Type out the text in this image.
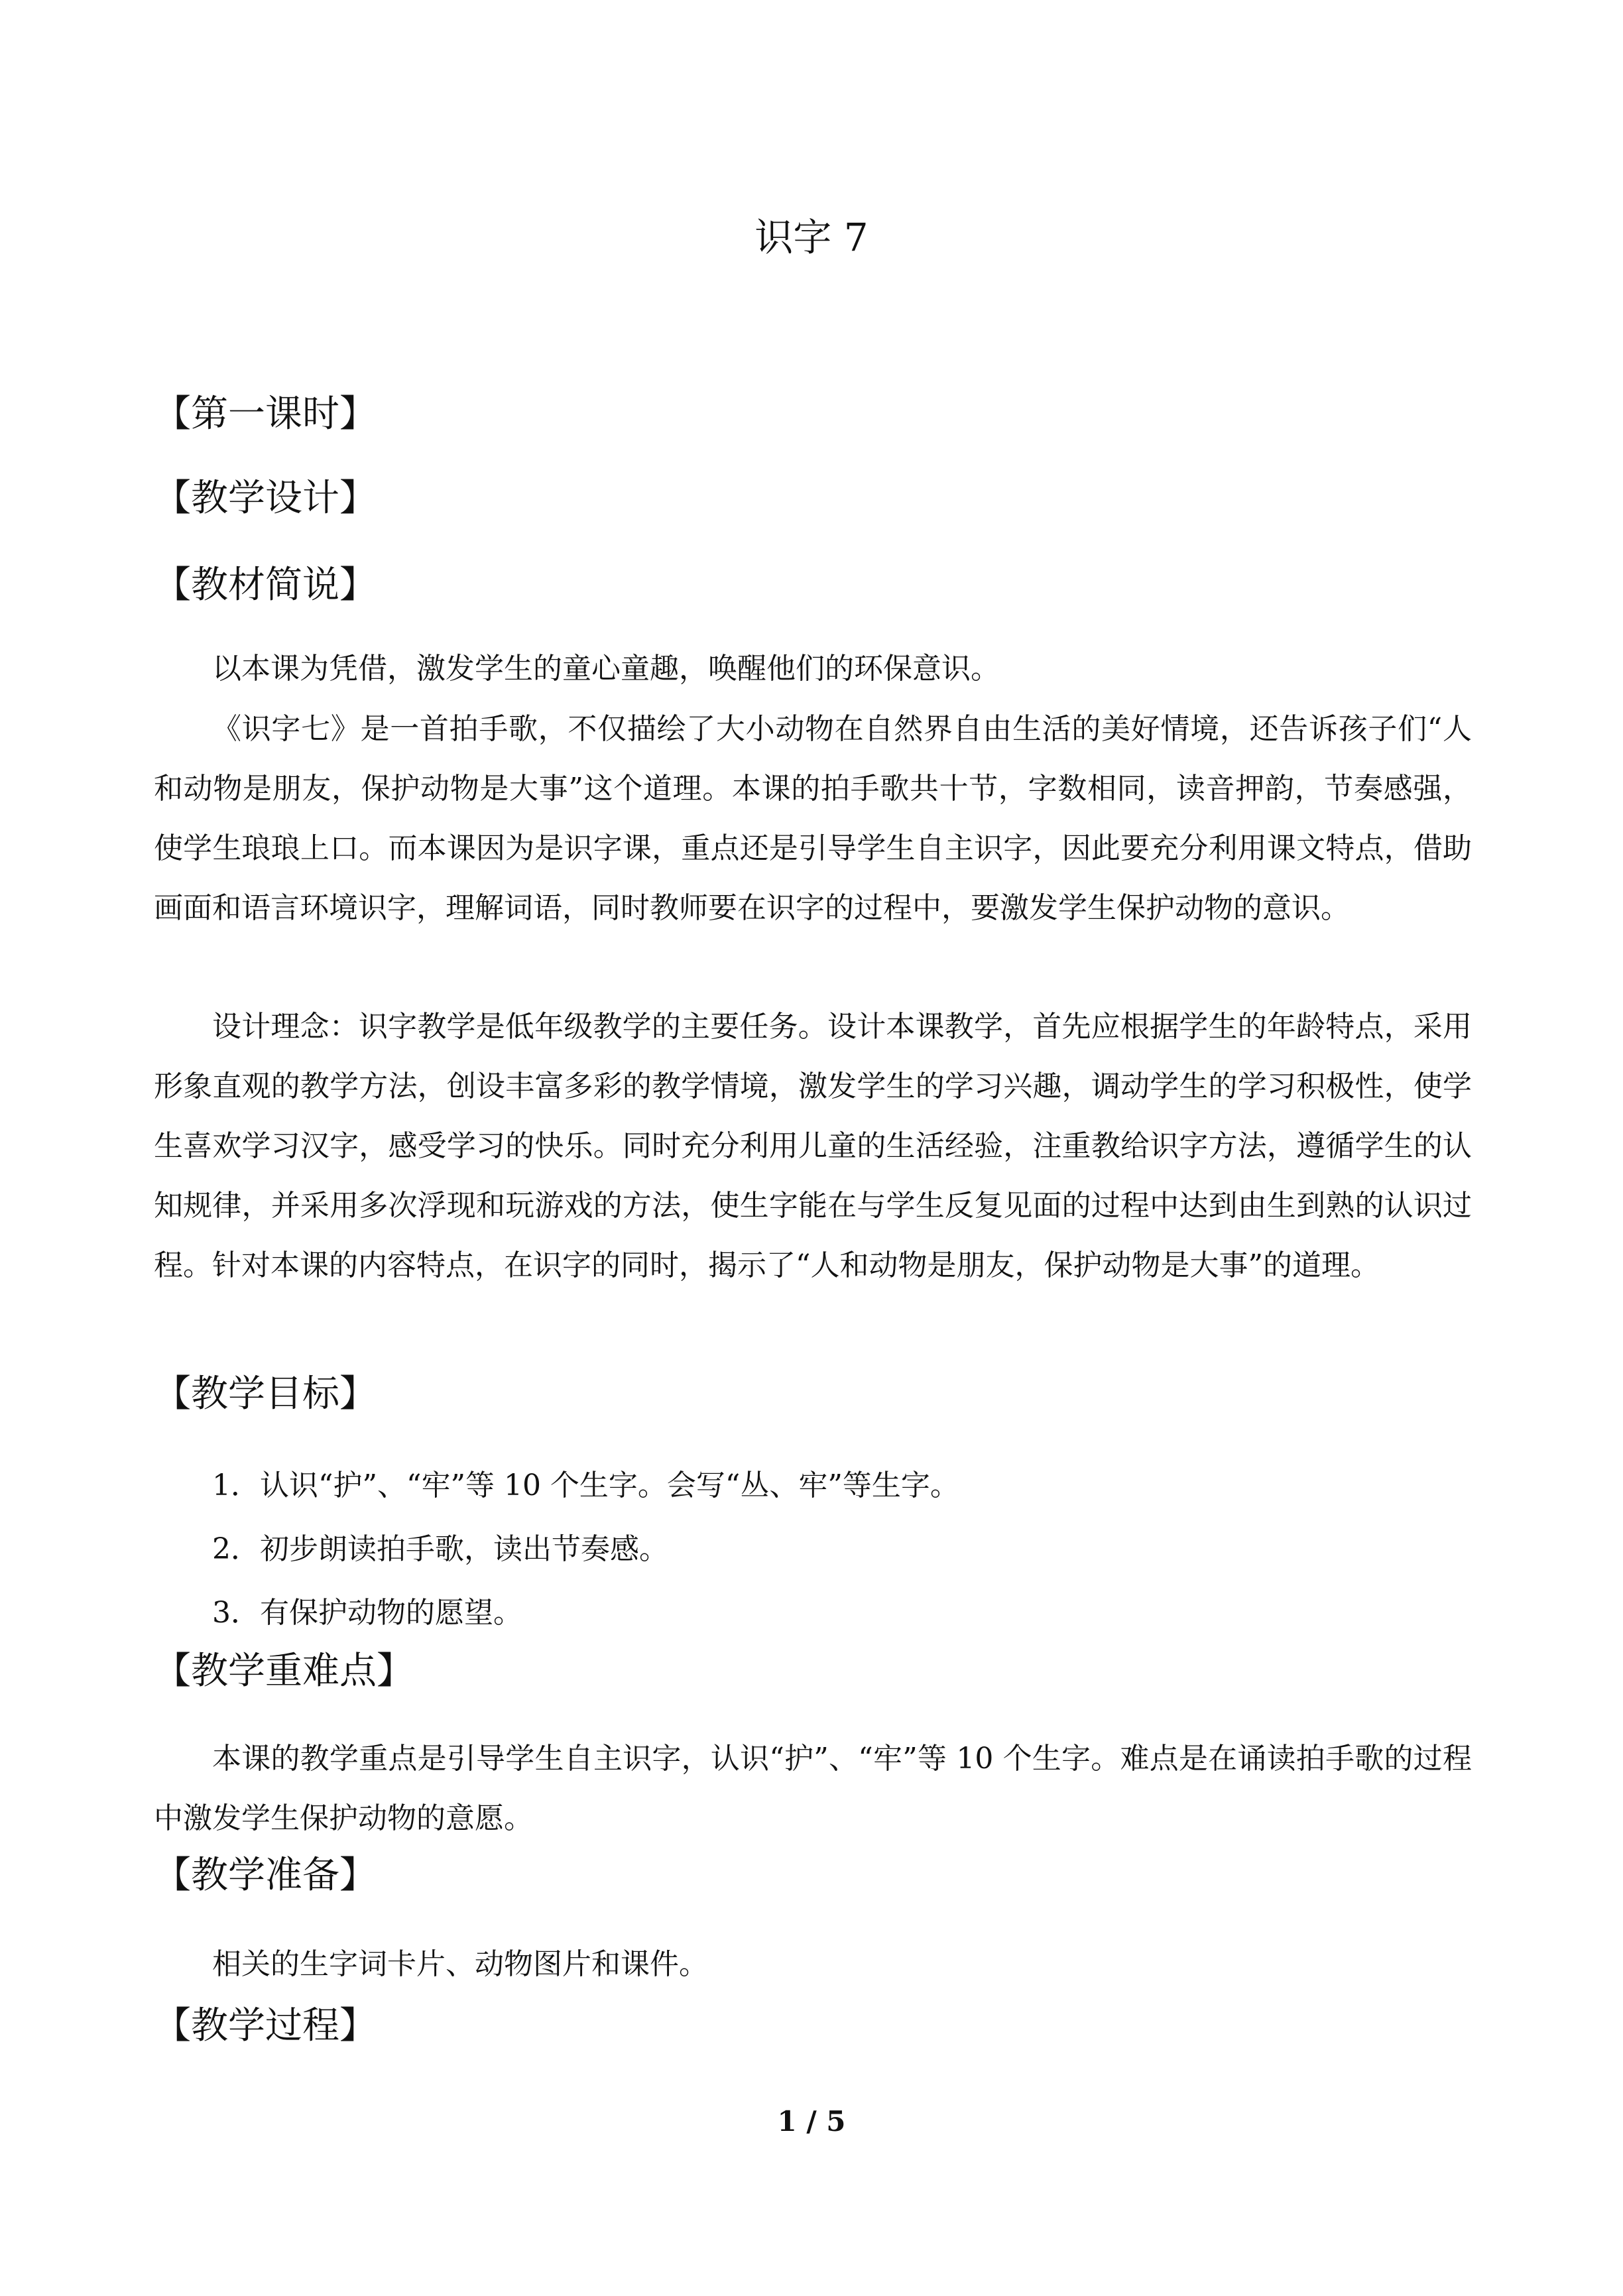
识字 7
【第一课时】
【教学设计】
【教材简说】

以本课为凭借，激发学生的童心童趣，唤醒他们的环保意识。

《识字七》是一首拍手歌，不仅描绘了大小动物在自然界自由生活的美好情境，还告诉孩子们“人和动物是朋友，保护动物是大事”这个道理。本课的拍手歌共十节，字数相同，读音押韵，节奏感强，使学生琅琅上口。而本课因为是识字课，重点还是引导学生自主识字，因此要充分利用课文特点，借助画面和语言环境识字，理解词语，同时教师要在识字的过程中，要激发学生保护动物的意识。

设计理念：识字教学是低年级教学的主要任务。设计本课教学，首先应根据学生的年龄特点，采用形象直观的教学方法，创设丰富多彩的教学情境，激发学生的学习兴趣，调动学生的学习积极性，使学生喜欢学习汉字，感受学习的快乐。同时充分利用儿童的生活经验，注重教给识字方法，遵循学生的认知规律，并采用多次浮现和玩游戏的方法，使生字能在与学生反复见面的过程中达到由生到熟的认识过程。针对本课的内容特点，在识字的同时，揭示了“人和动物是朋友，保护动物是大事”的道理。

【教学目标】
1．认识“护”、“牢”等 10 个生字。会写“丛、牢”等生字。
2．初步朗读拍手歌，读出节奏感。
3．有保护动物的愿望。
【教学重难点】

本课的教学重点是引导学生自主识字，认识“护”、“牢”等 10 个生字。难点是在诵读拍手歌的过程中激发学生保护动物的意愿。

【教学准备】

相关的生字词卡片、动物图片和课件。

【教学过程】
1 / 5
